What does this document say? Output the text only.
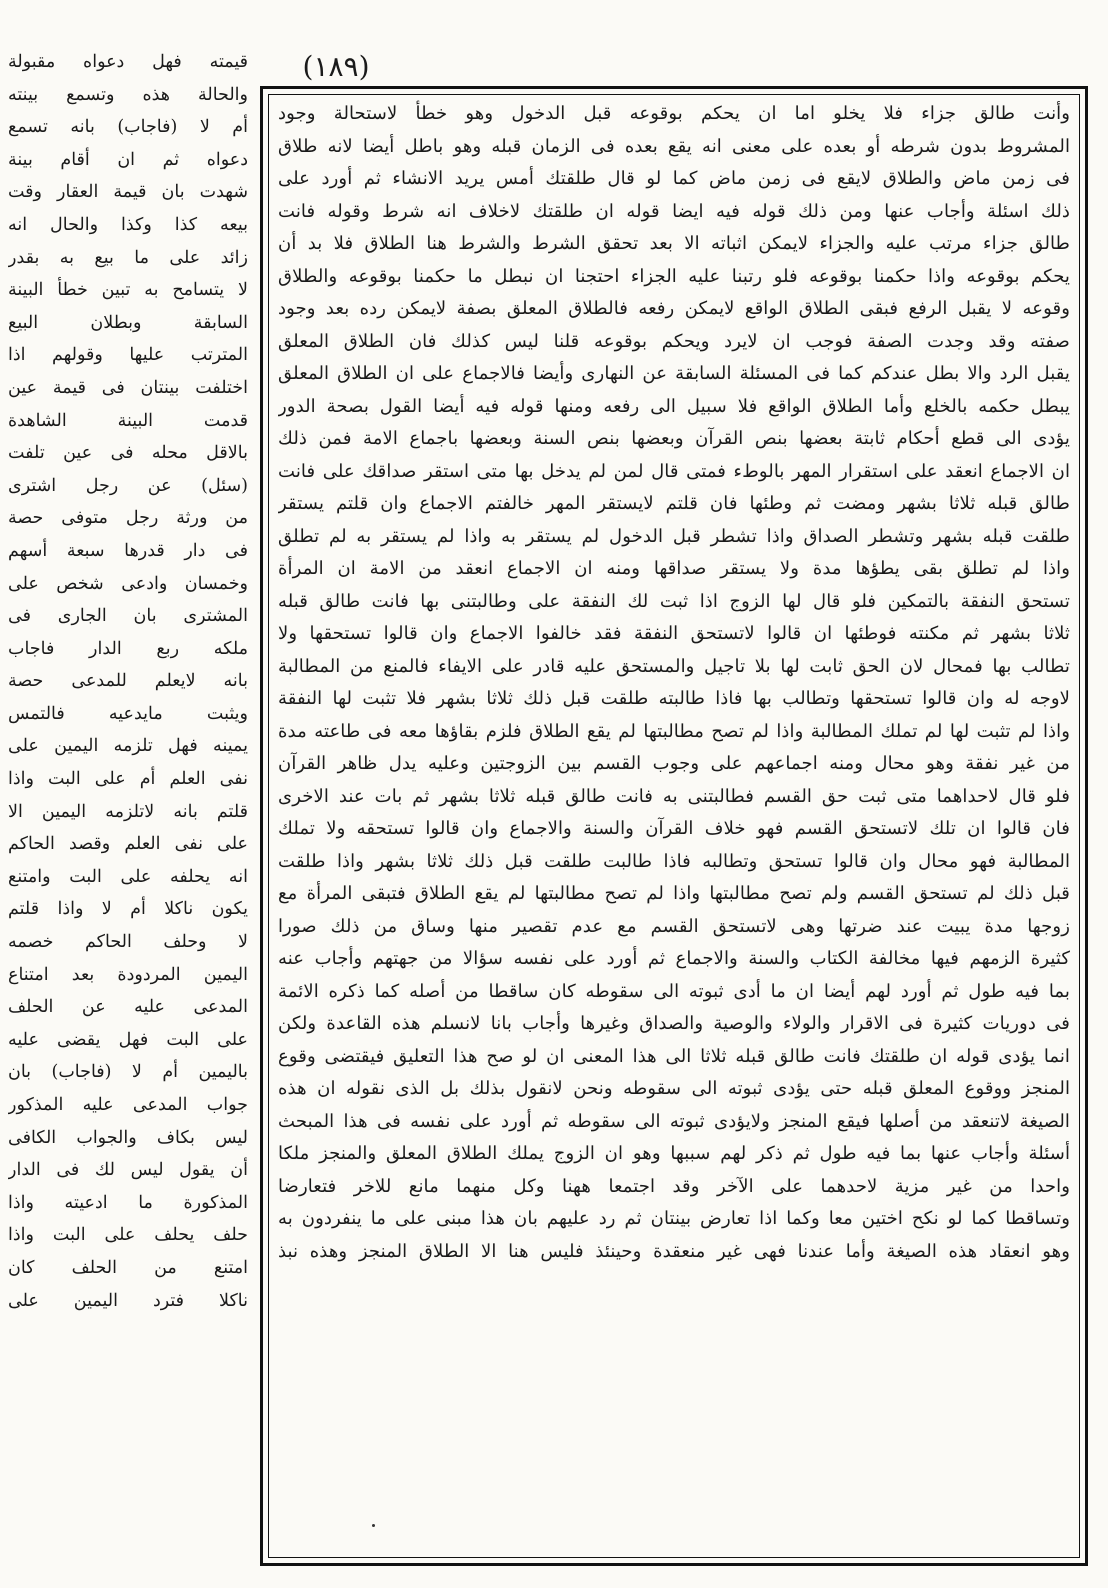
(١٨٩)
وأنت طالق جزاء فلا يخلو اما ان يحكم بوقوعه قبل الدخول وهو خطأ لاستحالة وجود
المشروط بدون شرطه أو بعده على معنى انه يقع بعده فى الزمان قبله وهو باطل أيضا لانه طلاق
فى زمن ماض والطلاق لايقع فى زمن ماض كما لو قال طلقتك أمس يريد الانشاء ثم أورد على
ذلك اسئلة وأجاب عنها ومن ذلك قوله فيه ايضا قوله ان طلقتك لاخلاف انه شرط وقوله فانت
طالق جزاء مرتب عليه والجزاء لايمكن اثباته الا بعد تحقق الشرط والشرط هنا الطلاق فلا بد أن
يحكم بوقوعه واذا حكمنا بوقوعه فلو رتبنا عليه الجزاء احتجنا ان نبطل ما حكمنا بوقوعه والطلاق
وقوعه لا يقبل الرفع فبقى الطلاق الواقع لايمكن رفعه فالطلاق المعلق بصفة لايمكن رده بعد وجود
صفته وقد وجدت الصفة فوجب ان لايرد ويحكم بوقوعه قلنا ليس كذلك فان الطلاق المعلق
يقبل الرد والا بطل عندكم كما فى المسئلة السابقة عن النهارى وأيضا فالاجماع على ان الطلاق المعلق
يبطل حكمه بالخلع وأما الطلاق الواقع فلا سبيل الى رفعه ومنها قوله فيه أيضا القول بصحة الدور
يؤدى الى قطع أحكام ثابتة بعضها بنص القرآن وبعضها بنص السنة وبعضها باجماع الامة فمن ذلك
ان الاجماع انعقد على استقرار المهر بالوطء فمتى قال لمن لم يدخل بها متى استقر صداقك على فانت
طالق قبله ثلاثا بشهر ومضت ثم وطئها فان قلتم لايستقر المهر خالفتم الاجماع وان قلتم يستقر
طلقت قبله بشهر وتشطر الصداق واذا تشطر قبل الدخول لم يستقر به واذا لم يستقر به لم تطلق
واذا لم تطلق بقى يطؤها مدة ولا يستقر صداقها ومنه ان الاجماع انعقد من الامة ان المرأة
تستحق النفقة بالتمكين فلو قال لها الزوج اذا ثبت لك النفقة على وطالبتنى بها فانت طالق قبله
ثلاثا بشهر ثم مكنته فوطئها ان قالوا لاتستحق النفقة فقد خالفوا الاجماع وان قالوا تستحقها ولا
تطالب بها فمحال لان الحق ثابت لها بلا تاجيل والمستحق عليه قادر على الايفاء فالمنع من المطالبة
لاوجه له وان قالوا تستحقها وتطالب بها فاذا طالبته طلقت قبل ذلك ثلاثا بشهر فلا تثبت لها النفقة
واذا لم تثبت لها لم تملك المطالبة واذا لم تصح مطالبتها لم يقع الطلاق فلزم بقاؤها معه فى طاعته مدة
من غير نفقة وهو محال ومنه اجماعهم على وجوب القسم بين الزوجتين وعليه يدل ظاهر القرآن
فلو قال لاحداهما متى ثبت حق القسم فطالبتنى به فانت طالق قبله ثلاثا بشهر ثم بات عند الاخرى
فان قالوا ان تلك لاتستحق القسم فهو خلاف القرآن والسنة والاجماع وان قالوا تستحقه ولا تملك
المطالبة فهو محال وان قالوا تستحق وتطالبه فاذا طالبت طلقت قبل ذلك ثلاثا بشهر واذا طلقت
قبل ذلك لم تستحق القسم ولم تصح مطالبتها واذا لم تصح مطالبتها لم يقع الطلاق فتبقى المرأة مع
زوجها مدة يبيت عند ضرتها وهى لاتستحق القسم مع عدم تقصير منها وساق من ذلك صورا
كثيرة الزمهم فيها مخالفة الكتاب والسنة والاجماع ثم أورد على نفسه سؤالا من جهتهم وأجاب عنه
بما فيه طول ثم أورد لهم أيضا ان ما أدى ثبوته الى سقوطه كان ساقطا من أصله كما ذكره الائمة
فى دوريات كثيرة فى الاقرار والولاء والوصية والصداق وغيرها وأجاب بانا لانسلم هذه القاعدة ولكن
انما يؤدى قوله ان طلقتك فانت طالق قبله ثلاثا الى هذا المعنى ان لو صح هذا التعليق فيقتضى وقوع
المنجز ووقوع المعلق قبله حتى يؤدى ثبوته الى سقوطه ونحن لانقول بذلك بل الذى نقوله ان هذه
الصيغة لاتنعقد من أصلها فيقع المنجز ولايؤدى ثبوته الى سقوطه ثم أورد على نفسه فى هذا المبحث
أسئلة وأجاب عنها بما فيه طول ثم ذكر لهم سببها وهو ان الزوج يملك الطلاق المعلق والمنجز ملكا
واحدا من غير مزية لاحدهما على الآخر وقد اجتمعا ههنا وكل منهما مانع للاخر فتعارضا
وتساقطا كما لو نكح اختين معا وكما اذا تعارض بينتان ثم رد عليهم بان هذا مبنى على ما ينفردون به
وهو انعقاد هذه الصيغة وأما عندنا فهى غير منعقدة وحينئذ فليس هنا الا الطلاق المنجز وهذه نبذ
قيمته فهل دعواه مقبولة
والحالة هذه وتسمع بينته
أم لا (فاجاب) بانه تسمع
دعواه ثم ان أقام بينة
شهدت بان قيمة العقار وقت
بيعه كذا وكذا والحال انه
زائد على ما بيع به بقدر
لا يتسامح به تبين خطأ البينة
السابقة وبطلان البيع
المترتب عليها وقولهم اذا
اختلفت بينتان فى قيمة عين
قدمت البينة الشاهدة
بالاقل محله فى عين تلفت
(سئل) عن رجل اشترى
من ورثة رجل متوفى حصة
فى دار قدرها سبعة أسهم
وخمسان وادعى شخص على
المشترى بان الجارى فى
ملكه ربع الدار فاجاب
بانه لايعلم للمدعى حصة
ويثبت مايدعيه فالتمس
يمينه فهل تلزمه اليمين على
نفى العلم أم على البت واذا
قلتم بانه لاتلزمه اليمين الا
على نفى العلم وقصد الحاكم
انه يحلفه على البت وامتنع
يكون ناكلا أم لا واذا قلتم
لا وحلف الحاكم خصمه
اليمين المردودة بعد امتناع
المدعى عليه عن الحلف
على البت فهل يقضى عليه
باليمين أم لا (فاجاب) بان
جواب المدعى عليه المذكور
ليس بكاف والجواب الكافى
أن يقول ليس لك فى الدار
المذكورة ما ادعيته واذا
حلف يحلف على البت واذا
امتنع من الحلف كان
ناكلا فترد اليمين على
